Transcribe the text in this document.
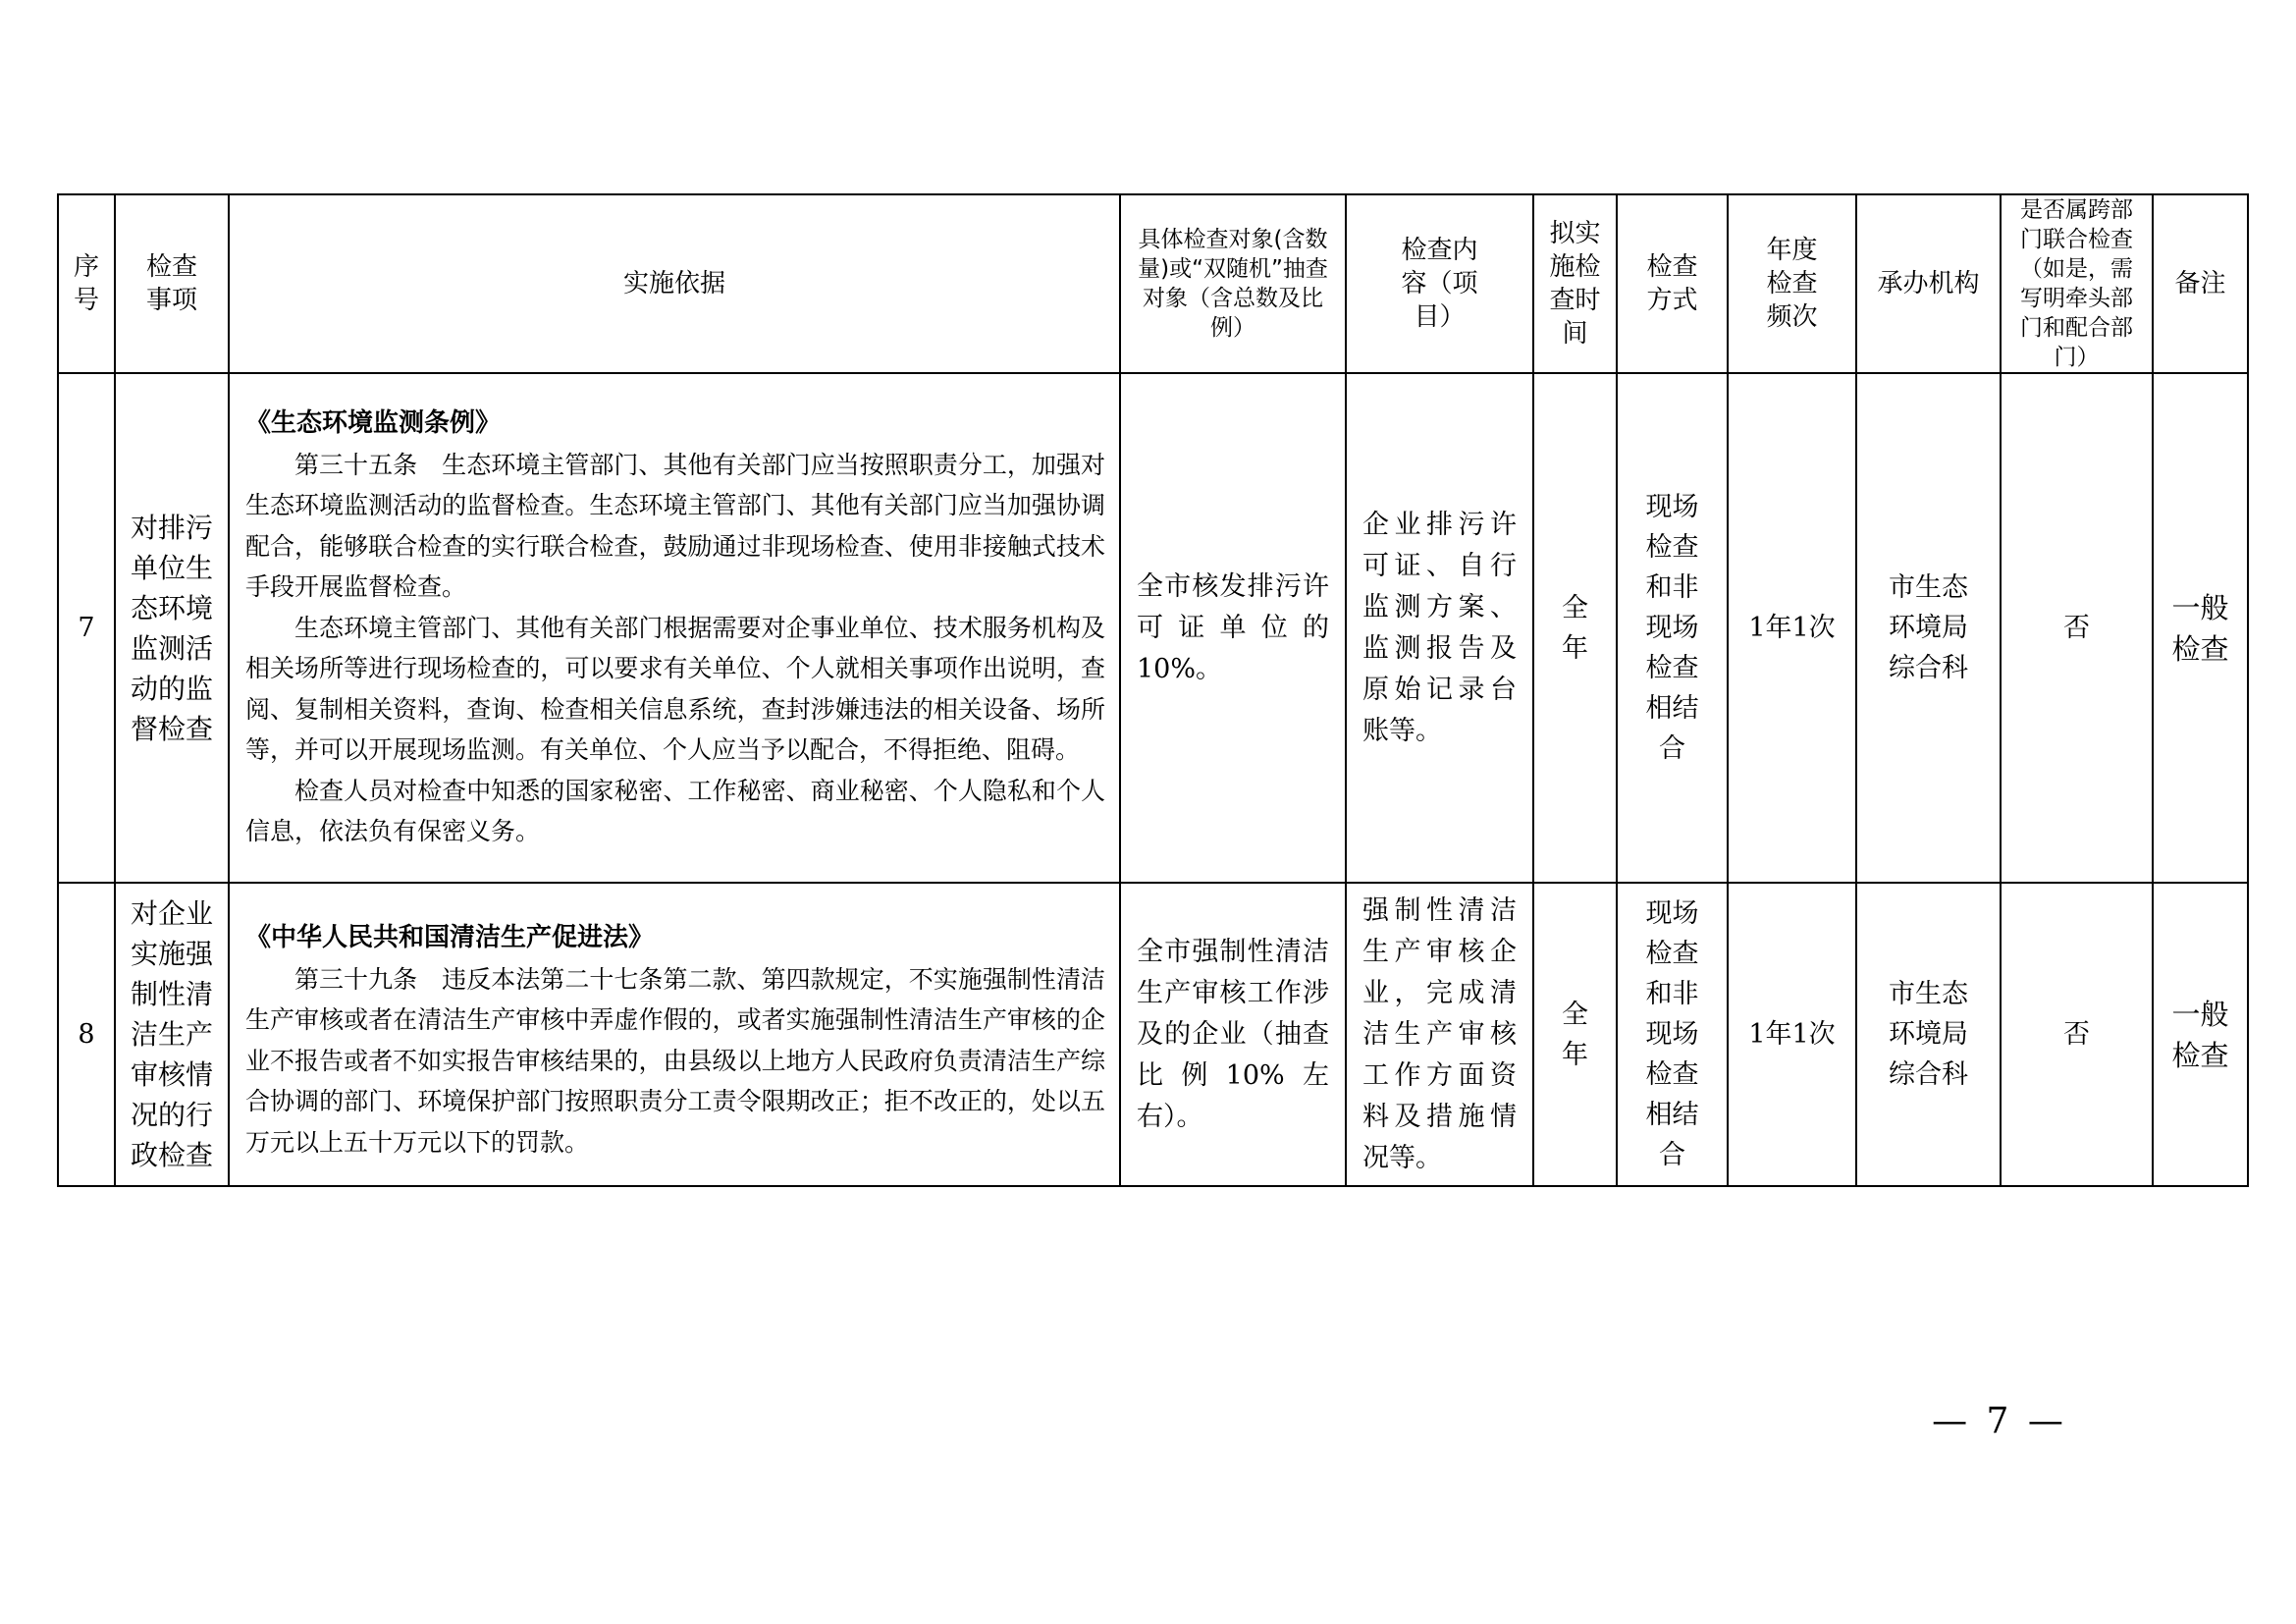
序号	检查事项	实施依据	具体检查对象(含数量)或“双随机”抽查对象（含总数及比例）	检查内容（项目）	拟实施检查时间	检查方式	年度检查频次	承办机构	是否属跨部门联合检查（如是，需写明牵头部门和配合部门）	备注
7	对排污单位生态环境监测活动的监督检查	《生态环境监测条例》

第三十五条　生态环境主管部门、其他有关部门应当按照职责分工，加强对生态环境监测活动的监督检查。生态环境主管部门、其他有关部门应当加强协调配合，能够联合检查的实行联合检查，鼓励通过非现场检查、使用非接触式技术手段开展监督检查。

生态环境主管部门、其他有关部门根据需要对企事业单位、技术服务机构及相关场所等进行现场检查的，可以要求有关单位、个人就相关事项作出说明，查阅、复制相关资料，查询、检查相关信息系统，查封涉嫌违法的相关设备、场所等，并可以开展现场监测。有关单位、个人应当予以配合，不得拒绝、阻碍。

检查人员对检查中知悉的国家秘密、工作秘密、商业秘密、个人隐私和个人信息，依法负有保密义务。	全市核发排污许可证单位的10%。	企业排污许可证、自行监测方案、监测报告及原始记录台账等。	全年	现场检查和非现场检查相结合	1年1次	市生态环境局综合科	否	一般检查
8	对企业实施强制性清洁生产审核情况的行政检查	《中华人民共和国清洁生产促进法》

第三十九条　违反本法第二十七条第二款、第四款规定，不实施强制性清洁生产审核或者在清洁生产审核中弄虚作假的，或者实施强制性清洁生产审核的企业不报告或者不如实报告审核结果的，由县级以上地方人民政府负责清洁生产综合协调的部门、环境保护部门按照职责分工责令限期改正；拒不改正的，处以五万元以上五十万元以下的罚款。	全市强制性清洁生产审核工作涉及的企业（抽查比例10%左右）。	强制性清洁生产审核企业，完成清洁生产审核工作方面资料及措施情况等。	全年	现场检查和非现场检查相结合	1年1次	市生态环境局综合科	否	一般检查
— 7 —
